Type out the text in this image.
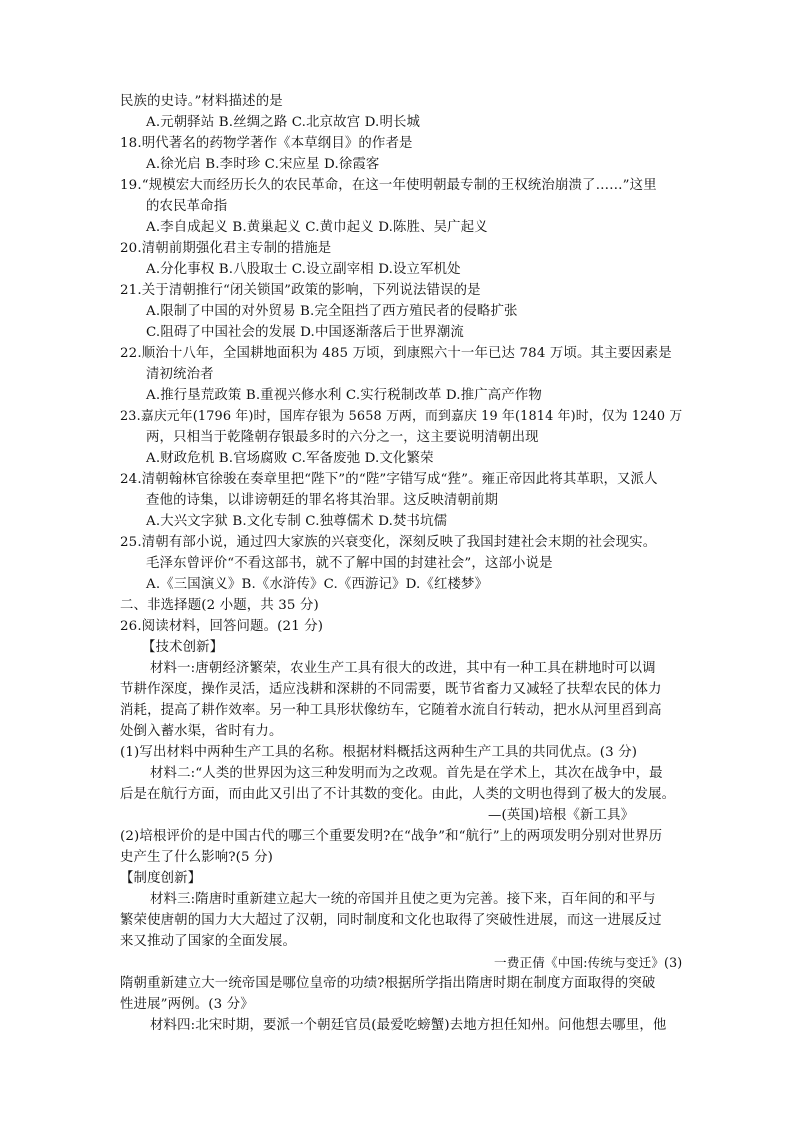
民族的史诗。”材料描述的是
A.元朝驿站 B.丝绸之路 C.北京故宫 D.明长城
18.明代著名的药物学著作《本草纲目》的作者是
A.徐光启 B.李时珍 C.宋应星 D.徐霞客
19.“规模宏大而经历长久的农民革命，在这一年使明朝最专制的王权统治崩溃了……”这里
的农民革命指
A.李自成起义 B.黄巢起义 C.黄巾起义 D.陈胜、吴广起义
20.清朝前期强化君主专制的措施是
A.分化事权 B.八股取士 C.设立副宰相 D.设立军机处
21.关于清朝推行“闭关锁国”政策的影响，下列说法错误的是
A.限制了中国的对外贸易 B.完全阻挡了西方殖民者的侵略扩张
C.阻碍了中国社会的发展 D.中国逐渐落后于世界潮流
22.顺治十八年，全国耕地面积为 485 万顷，到康熙六十一年已达 784 万顷。其主要因素是
清初统治者
A.推行垦荒政策 B.重视兴修水利 C.实行税制改革 D.推广高产作物
23.嘉庆元年(1796 年)时，国库存银为 5658 万两，而到嘉庆 19 年(1814 年)时，仅为 1240 万
两，只相当于乾隆朝存银最多时的六分之一，这主要说明清朝出现
A.财政危机 B.官场腐败 C.军备废弛 D.文化繁荣
24.清朝翰林官徐骏在奏章里把“陛下”的“陛”字错写成“狴”。雍正帝因此将其革职，又派人
查他的诗集，以诽谤朝廷的罪名将其治罪。这反映清朝前期
A.大兴文字狱 B.文化专制 C.独尊儒术 D.焚书坑儒
25.清朝有部小说，通过四大家族的兴衰变化，深刻反映了我国封建社会末期的社会现实。
毛泽东曾评价“不看这部书，就不了解中国的封建社会”，这部小说是
A.《三国演义》B.《水浒传》C.《西游记》D.《红楼梦》
二、非选择题(2 小题，共 35 分)
26.阅读材料，回答问题。(21 分)
【技术创新】
材料一:唐朝经济繁荣，农业生产工具有很大的改进，其中有一种工具在耕地时可以调
节耕作深度，操作灵活，适应浅耕和深耕的不同需要，既节省畜力又减轻了扶犁农民的体力
消耗，提高了耕作效率。另一种工具形状像纺车，它随着水流自行转动，把水从河里舀到高
处倒入蓄水渠，省时有力。
(1)写出材料中两种生产工具的名称。根据材料概括这两种生产工具的共同优点。(3 分)
材料二:“人类的世界因为这三种发明而为之改观。首先是在学术上，其次在战争中，最
后是在航行方面，而由此又引出了不计其数的变化。由此，人类的文明也得到了极大的发展。
—(英国)培根《新工具》
(2)培根评价的是中国古代的哪三个重要发明?在“战争”和“航行”上的两项发明分别对世界历
史产生了什么影响?(5 分)
【制度创新】
材料三:隋唐时重新建立起大一统的帝国并且使之更为完善。接下来，百年间的和平与
繁荣使唐朝的国力大大超过了汉朝，同时制度和文化也取得了突破性进展，而这一进展反过
来又推动了国家的全面发展。
一费正倩《中国:传统与变迁》(3)
隋朝重新建立大一统帝国是哪位皇帝的功绩?根据所学指出隋唐时期在制度方面取得的突破
性进展”两例。(3 分》
材料四:北宋时期，要派一个朝廷官员(最爱吃螃蟹)去地方担任知州。问他想去哪里，他
